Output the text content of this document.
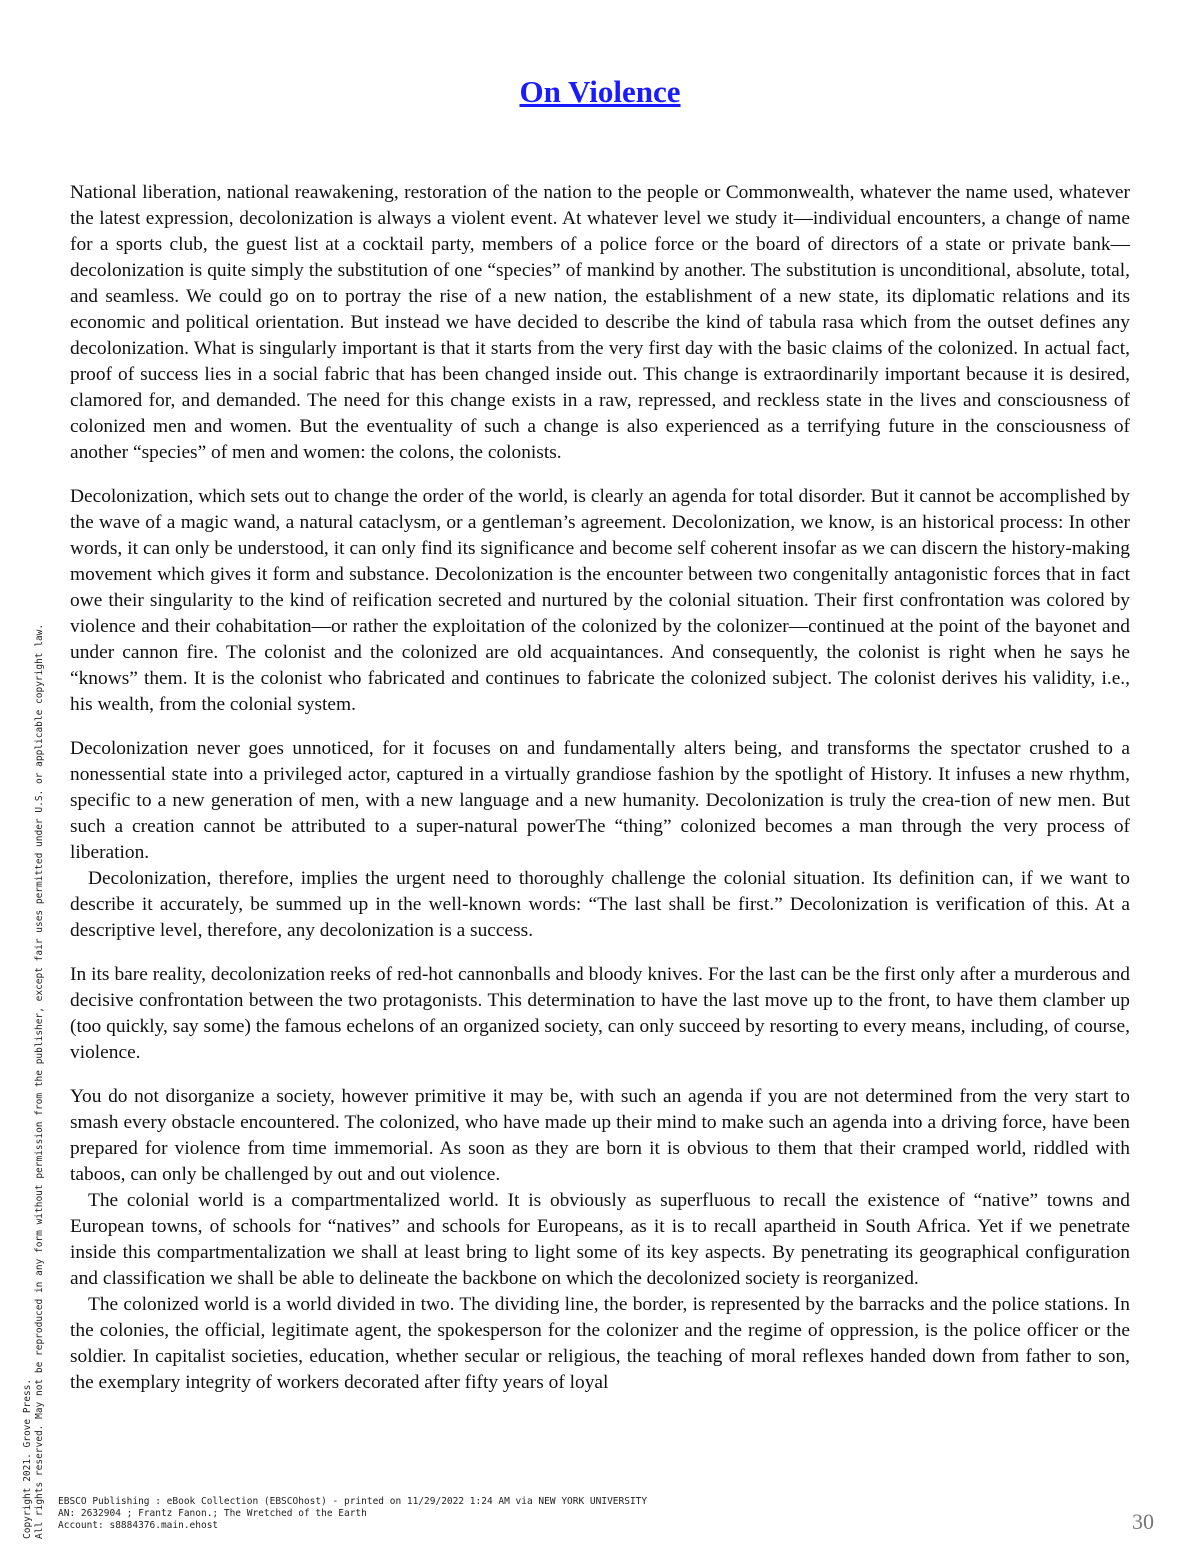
On Violence

National liberation, national reawakening, restoration of the nation to the people or Commonwealth, whatever the name used, whatever the latest expression, decolonization is always a violent event. At whatever level we study it—individual encounters, a change of name for a sports club, the guest list at a cocktail party, members of a police force or the board of directors of a state or private bank—decolonization is quite simply the substitution of one “species” of mankind by another. The substitution is unconditional, absolute, total, and seamless. We could go on to portray the rise of a new nation, the establishment of a new state, its diplomatic relations and its economic and political orientation. But instead we have decided to describe the kind of tabula rasa which from the outset defines any decolonization. What is singularly important is that it starts from the very first day with the basic claims of the colonized. In actual fact, proof of success lies in a social fabric that has been changed inside out. This change is extraordinarily important because it is desired, clamored for, and demanded. The need for this change exists in a raw, repressed, and reckless state in the lives and consciousness of colonized men and women. But the eventuality of such a change is also experienced as a terrifying future in the consciousness of another “species” of men and women: the colons, the colonists.

Decolonization, which sets out to change the order of the world, is clearly an agenda for total disorder. But it cannot be accomplished by the wave of a magic wand, a natural cataclysm, or a gentleman’s agreement. Decolonization, we know, is an historical process: In other words, it can only be understood, it can only find its significance and become self coherent insofar as we can discern the history-making movement which gives it form and substance. Decolonization is the encounter between two congenitally antagonistic forces that in fact owe their singularity to the kind of reification secreted and nurtured by the colonial situation. Their first confrontation was colored by violence and their cohabitation—or rather the exploitation of the colonized by the colonizer—continued at the point of the bayonet and under cannon fire. The colonist and the colonized are old acquaintances. And consequently, the colonist is right when he says he “knows” them. It is the colonist who fabricated and continues to fabricate the colonized subject. The colonist derives his validity, i.e., his wealth, from the colonial system.

Decolonization never goes unnoticed, for it focuses on and fundamentally alters being, and transforms the spectator crushed to a nonessential state into a privileged actor, captured in a virtually grandiose fashion by the spotlight of History. It infuses a new rhythm, specific to a new generation of men, with a new language and a new humanity. Decolonization is truly the crea-tion of new men. But such a creation cannot be attributed to a super-natural powerThe “thing” colonized becomes a man through the very process of liberation.

Decolonization, therefore, implies the urgent need to thoroughly challenge the colonial situation. Its definition can, if we want to describe it accurately, be summed up in the well-known words: “The last shall be first.” Decolonization is verification of this. At a descriptive level, therefore, any decolonization is a success.

In its bare reality, decolonization reeks of red-hot cannonballs and bloody knives. For the last can be the first only after a murderous and decisive confrontation between the two protagonists. This determination to have the last move up to the front, to have them clamber up (too quickly, say some) the famous echelons of an organized society, can only succeed by resorting to every means, including, of course, violence.

You do not disorganize a society, however primitive it may be, with such an agenda if you are not determined from the very start to smash every obstacle encountered. The colonized, who have made up their mind to make such an agenda into a driving force, have been prepared for violence from time immemorial. As soon as they are born it is obvious to them that their cramped world, riddled with taboos, can only be challenged by out and out violence.

The colonial world is a compartmentalized world. It is obviously as superfluous to recall the existence of “native” towns and European towns, of schools for “natives” and schools for Europeans, as it is to recall apartheid in South Africa. Yet if we penetrate inside this compartmentalization we shall at least bring to light some of its key aspects. By penetrating its geographical configuration and classification we shall be able to delineate the backbone on which the decolonized society is reorganized.

The colonized world is a world divided in two. The dividing line, the border, is represented by the barracks and the police stations. In the colonies, the official, legitimate agent, the spokesperson for the colonizer and the regime of oppression, is the police officer or the soldier. In capitalist societies, education, whether secular or religious, the teaching of moral reflexes handed down from father to son, the exemplary integrity of workers decorated after fifty years of loyal

Copyright 2021. Grove Press. All rights reserved. May not be reproduced in any form without permission from the publisher, except fair uses permitted under U.S. or applicable copyright law. EBSCO Publishing : eBook Collection (EBSCOhost) - printed on 11/29/2022 1:24 AM via NEW YORK UNIVERSITY
AN: 2632904 ; Frantz Fanon.; The Wretched of the Earth
Account: s8884376.main.ehost	30
